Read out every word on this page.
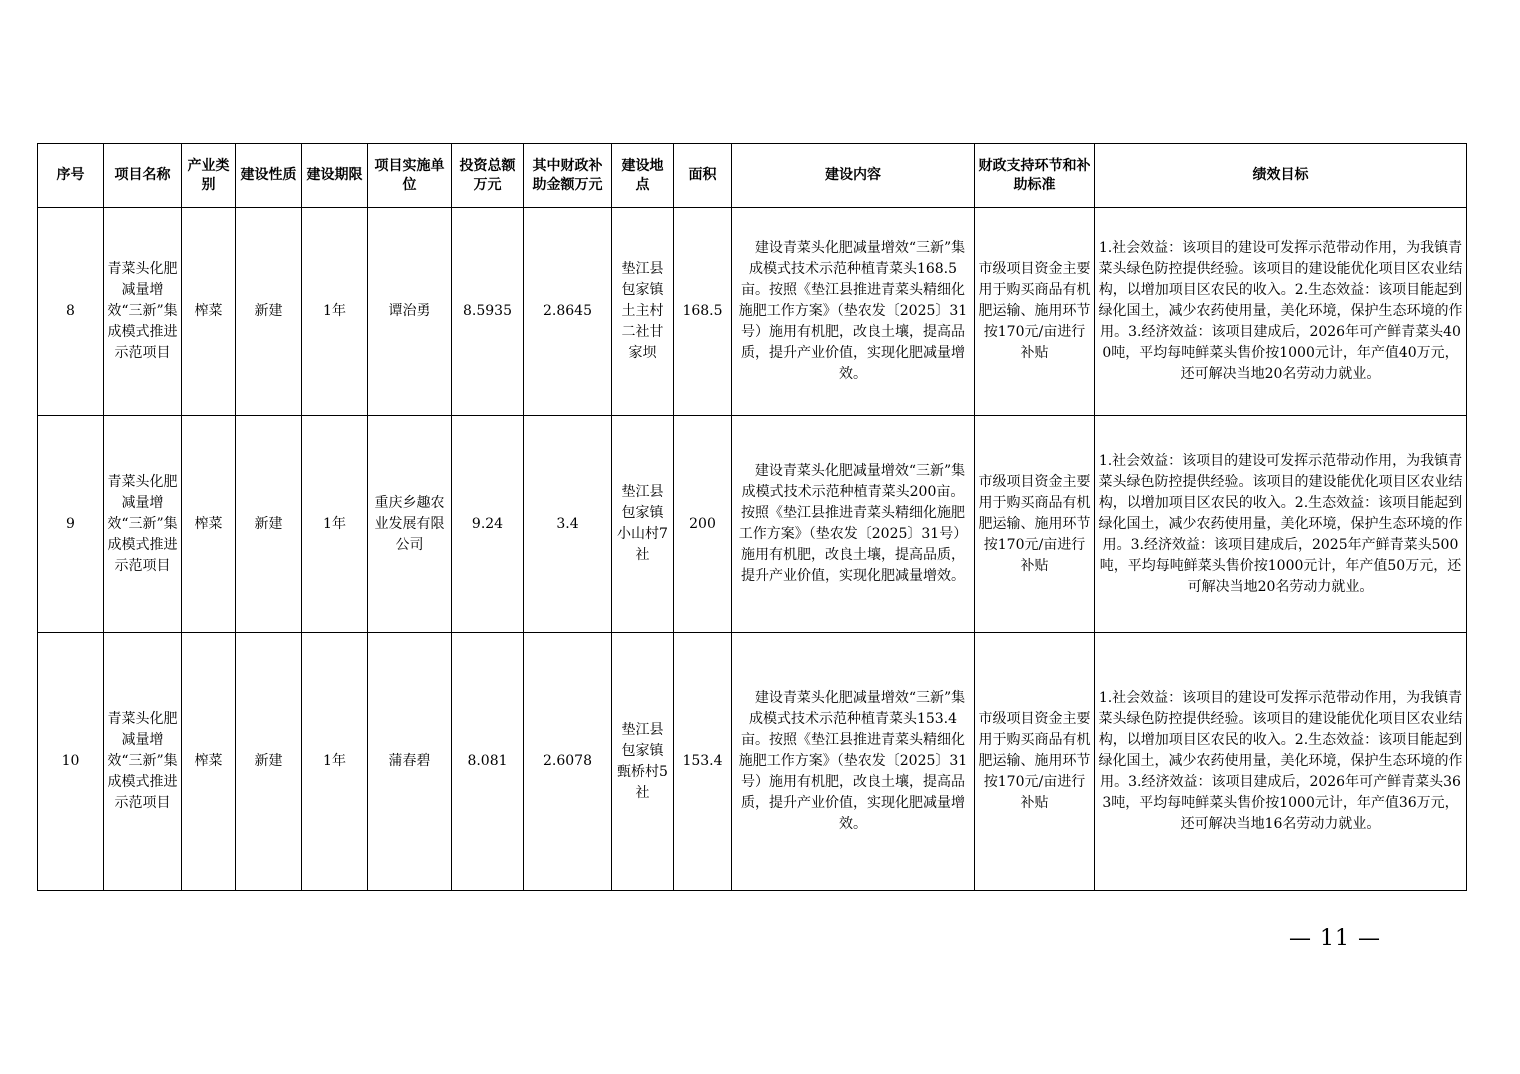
序号	项目名称	产业类别	建设性质	建设期限	项目实施单位	投资总额万元	其中财政补助金额万元	建设地点	面积	建设内容	财政支持环节和补助标准	绩效目标
8	青菜头化肥减量增效“三新”集成模式推进示范项目	榨菜	新建	1年	谭治勇	8.5935	2.8645	垫江县包家镇土主村二社甘家坝	168.5	建设青菜头化肥减量增效“三新”集成模式技术示范种植青菜头168.5亩。按照《垫江县推进青菜头精细化施肥工作方案》（垫农发〔2025〕31号）施用有机肥，改良土壤，提高品质，提升产业价值，实现化肥减量增效。	市级项目资金主要用于购买商品有机肥运输、施用环节按170元/亩进行补贴	1.社会效益：该项目的建设可发挥示范带动作用，为我镇青菜头绿色防控提供经验。该项目的建设能优化项目区农业结构，以增加项目区农民的收入。2.生态效益：该项目能起到绿化国土，减少农药使用量，美化环境，保护生态环境的作用。3.经济效益：该项目建成后，2026年可产鲜青菜头400吨，平均每吨鲜菜头售价按1000元计，年产值40万元，还可解决当地20名劳动力就业。
9	青菜头化肥减量增效“三新”集成模式推进示范项目	榨菜	新建	1年	重庆乡趣农业发展有限公司	9.24	3.4	垫江县包家镇小山村7社	200	建设青菜头化肥减量增效“三新”集成模式技术示范种植青菜头200亩。按照《垫江县推进青菜头精细化施肥工作方案》（垫农发〔2025〕31号）施用有机肥，改良土壤，提高品质，提升产业价值，实现化肥减量增效。	市级项目资金主要用于购买商品有机肥运输、施用环节按170元/亩进行补贴	1.社会效益：该项目的建设可发挥示范带动作用，为我镇青菜头绿色防控提供经验。该项目的建设能优化项目区农业结构，以增加项目区农民的收入。2.生态效益：该项目能起到绿化国土，减少农药使用量，美化环境，保护生态环境的作用。3.经济效益：该项目建成后，2025年产鲜青菜头500吨，平均每吨鲜菜头售价按1000元计，年产值50万元，还可解决当地20名劳动力就业。
10	青菜头化肥减量增效“三新”集成模式推进示范项目	榨菜	新建	1年	蒲春碧	8.081	2.6078	垫江县包家镇甄桥村5社	153.4	建设青菜头化肥减量增效“三新”集成模式技术示范种植青菜头153.4亩。按照《垫江县推进青菜头精细化施肥工作方案》（垫农发〔2025〕31号）施用有机肥，改良土壤，提高品质，提升产业价值，实现化肥减量增效。	市级项目资金主要用于购买商品有机肥运输、施用环节按170元/亩进行补贴	1.社会效益：该项目的建设可发挥示范带动作用，为我镇青菜头绿色防控提供经验。该项目的建设能优化项目区农业结构，以增加项目区农民的收入。2.生态效益：该项目能起到绿化国土，减少农药使用量，美化环境，保护生态环境的作用。3.经济效益：该项目建成后，2026年可产鲜青菜头363吨，平均每吨鲜菜头售价按1000元计，年产值36万元，还可解决当地16名劳动力就业。
— 11 —
